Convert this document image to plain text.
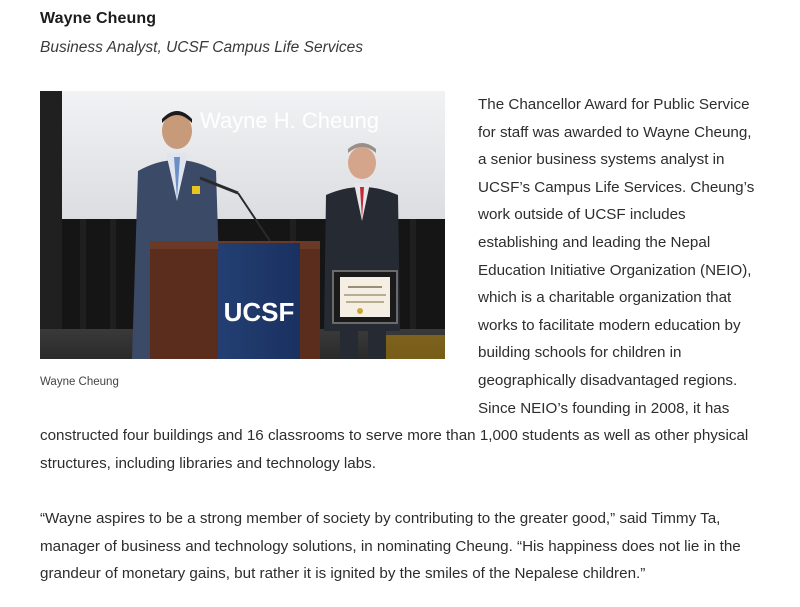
Wayne Cheung
Business Analyst, UCSF Campus Life Services
Wayne H. Cheung
UCSF
Wayne Cheung
The Chancellor Award for Public Service for staff was awarded to Wayne Cheung, a senior business systems analyst in UCSF’s Campus Life Services. Cheung’s work outside of UCSF includes establishing and leading the Nepal Education Initiative Organization (NEIO), which is a charitable organization that works to facilitate modern education by building schools for children in geographically disadvantaged regions. Since NEIO’s founding in 2008, it has constructed four buildings and 16 classrooms to serve more than 1,000 students as well as other physical structures, including libraries and technology labs.
“Wayne aspires to be a strong member of society by contributing to the greater good,” said Timmy Ta, manager of business and technology solutions, in nominating Cheung. “His happiness does not lie in the grandeur of monetary gains, but rather it is ignited by the smiles of the Nepalese children.”
